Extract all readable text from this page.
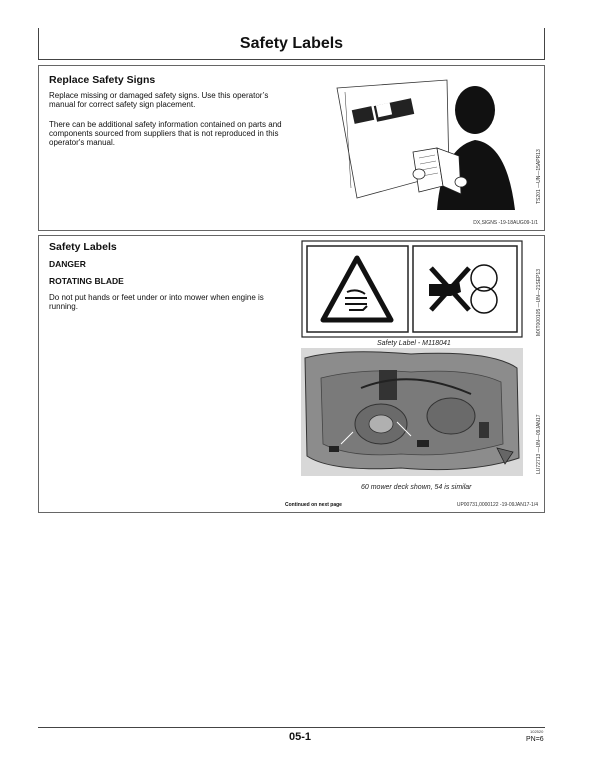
Safety Labels
Replace Safety Signs
Replace missing or damaged safety signs. Use this operator’s manual for correct safety sign placement.
There can be additional safety information contained on parts and components sourced from suppliers that is not reproduced in this operator's manual.
TS201 —UN—15APR13
DX,SIGNS -19-18AUG09-1/1
Safety Labels
DANGER
ROTATING BLADE
Do not put hands or feet under or into mower when engine is running.	MXT000105 —UN—21SEP13
Safety Label - M118041
LU72713 —UN—09JAN17
60 mower deck shown, 54 is similar
Continued on next page	UP00731,0000122 -19-09JAN17-1/4
05-1	102520
PN=6
